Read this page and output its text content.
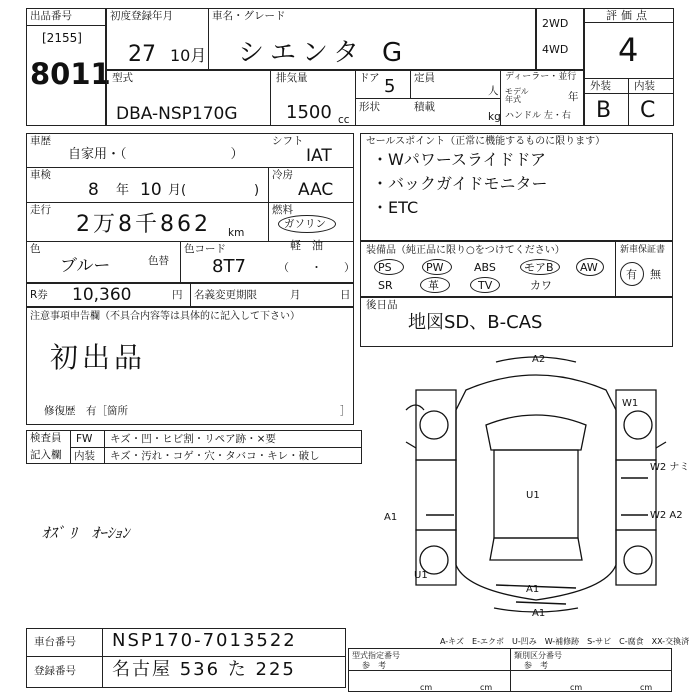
出品番号
[2155]
8011
初度登録年月
27 10月
車名・グレード
シエンタ G
2WD
4WD
評価点
4
外装 内装
B C
型式
DBA-NSP170G
排気量
1500 cc
ドア 5 定員
人
形状	積載
kg
ディーラー・並行
モデル年式	年
ハンドル 左・右
車歴
自家用・（　　　　　　　　）
シフト
IAT
車検
8 年 10 月(	)
冷房
AAC
走行
2万8千862 km
燃料
ガソリン
軽　油
（　　・　　）
色
ブルー	色替
色コード
8T7
R券 10,360	円 名義変更期限	月	日
注意事項申告欄（不具合内容等は具体的に記入して下さい）
初出品
修復歴　有［箇所	］
セールスポイント（正常に機能するものに限ります）
・Wパワースライドドア
・バックガイドモニター
・ETC
装備品（純正品に限り○をつけてください）	新車保証書
PS	PW	ABS	モアB AW
SR	革	TV	カワ
有 無
後日品
地図SD、B-CAS
検査員
記入欄
FW キズ・凹・ヒビ割・リペア跡・×要
内装 キズ・汚れ・コゲ・穴・タバコ・キレ・破し
ｵｽﾞ ﾘ　ｵｰｼｮﾝ
A2
U1
W1
W2 ナミ
W2 A2
A1
U1
A1
A1
A-キズ　E-エクボ　U-凹み　W-補修跡　S-サビ　C-腐食　XX-交換済
車台番号 NSP170-7013522
登録番号 名古屋 536 た 225
型式指定番号
参　考
類別区分番号
参　考
cm	cm	cm
cm
